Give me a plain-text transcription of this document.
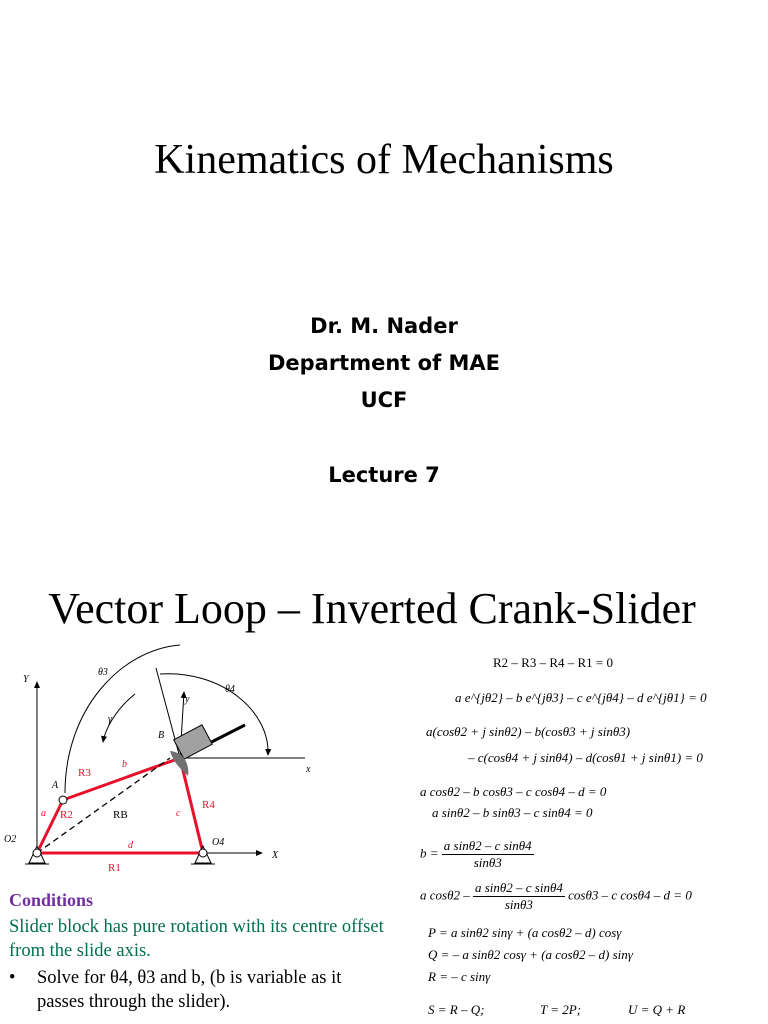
Kinematics of Mechanisms
Dr. M. Nader
Department of MAE
UCF
Lecture 7
Vector Loop – Inverted Crank-Slider
Y
X
y
x
θ3
θ4
γ
A
B
O2	O4
a
b
c
d
R1
R2
R3
R4
RB
Conditions
Slider block has pure rotation with its centre offset from the slide axis.
• Solve for θ4, θ3 and b, (b is variable as it passes through the slider).
R2 – R3 – R4 – R1 = 0
a e^{jθ2} – b e^{jθ3} – c e^{jθ4} – d e^{jθ1} = 0
a(cosθ2 + j sinθ2) – b(cosθ3 + j sinθ3)
– c(cosθ4 + j sinθ4) – d(cosθ1 + j sinθ1) = 0
a cosθ2 – b cosθ3 – c cosθ4 – d = 0
a sinθ2 – b sinθ3 – c sinθ4 = 0
$b = \frac{\text{a sinθ2 – c sinθ4}}{\sin\theta 3}$
a $\cos\theta 2 - \frac{\text{a sinθ2 – c sinθ4}}{\sin\theta 3} \cos\theta 3$ – c cosθ4 – d = 0
P = a sinθ2 sinγ + (a cosθ2 – d) cosγ
Q = – a sinθ2 cosγ + (a cosθ2 – d) sinγ
R = – c sinγ
S = R – Q;	T = 2P;	U = Q + R
